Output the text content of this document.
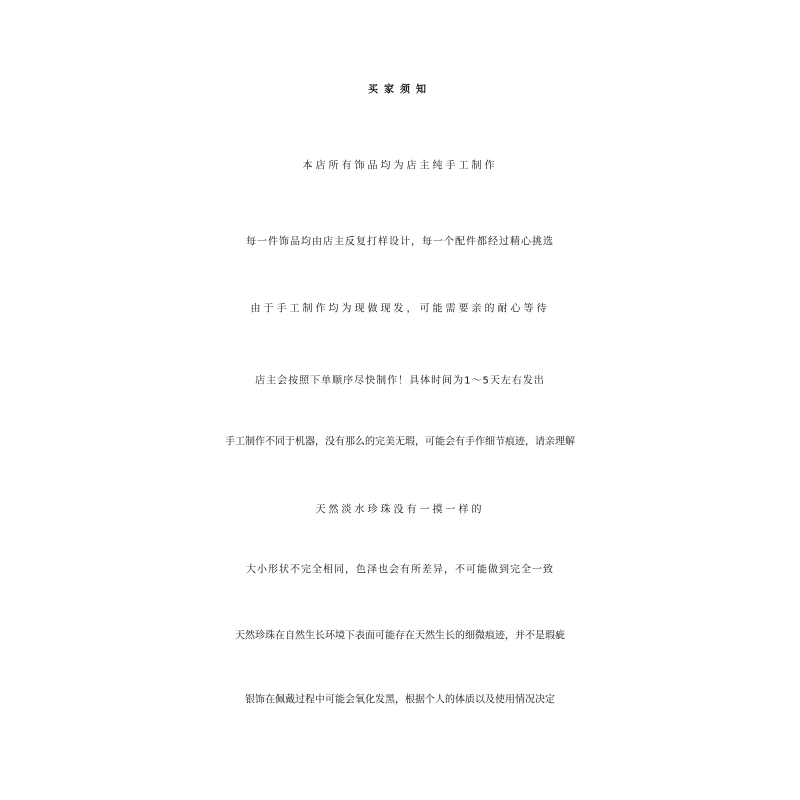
买家须知
本店所有饰品均为店主纯手工制作
每一件饰品均由店主反复打样设计，每一个配件都经过精心挑选
由于手工制作均为现做现发，可能需要亲的耐心等待
店主会按照下单顺序尽快制作！具体时间为1～5天左右发出
手工制作不同于机器，没有那么的完美无瑕，可能会有手作细节痕迹，请亲理解
天然淡水珍珠没有一摸一样的
大小形状不完全相同，色泽也会有所差异，不可能做到完全一致
天然珍珠在自然生长环境下表面可能存在天然生长的细微痕迹，并不是瑕疵
银饰在佩戴过程中可能会氧化发黑，根据个人的体质以及使用情况决定
